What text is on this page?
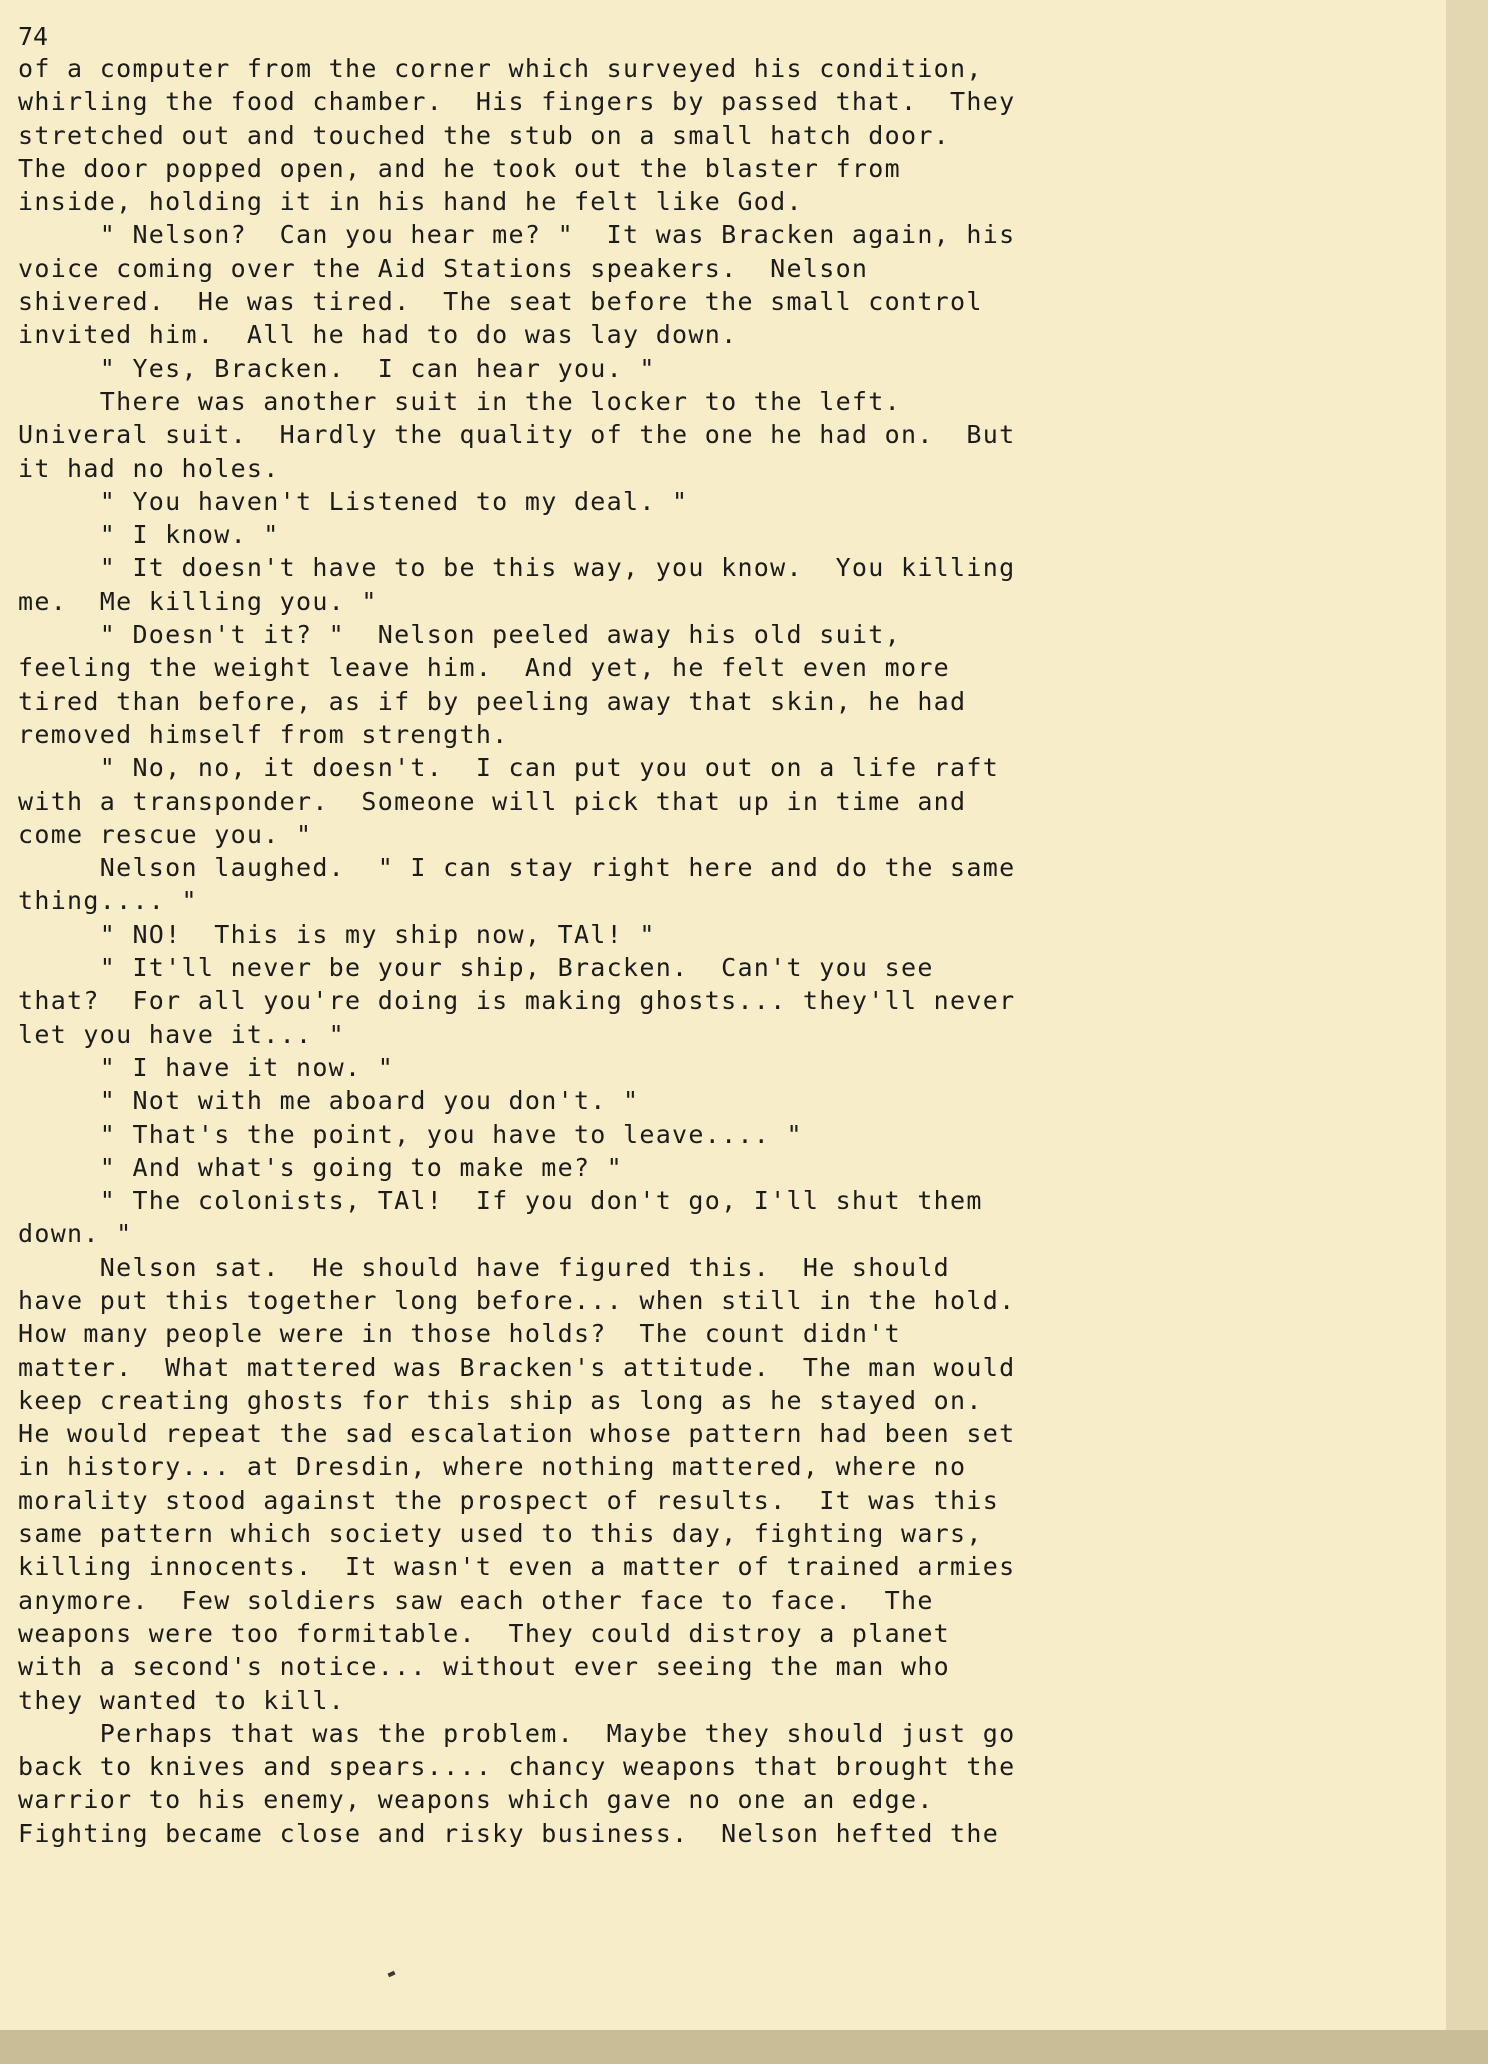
74

of a computer from the corner which surveyed his condition,

whirling the food chamber.  His fingers by passed that.  They

stretched out and touched the stub on a small hatch door.

The door popped open, and he took out the blaster from

inside, holding it in his hand he felt like God.

" Nelson?  Can you hear me? "  It was Bracken again, his

voice coming over the Aid Stations speakers.  Nelson

shivered.  He was tired.  The seat before the small control

invited him.  All he had to do was lay down.

" Yes, Bracken.  I can hear you. "

There was another suit in the locker to the left.

Univeral suit.  Hardly the quality of the one he had on.  But

it had no holes.

" You haven't Listened to my deal. "

" I know. "

" It doesn't have to be this way, you know.  You killing

me.  Me killing you. "

" Doesn't it? "  Nelson peeled away his old suit,

feeling the weight leave him.  And yet, he felt even more

tired than before, as if by peeling away that skin, he had

removed himself from strength.

" No, no, it doesn't.  I can put you out on a life raft

with a transponder.  Someone will pick that up in time and

come rescue you. "

Nelson laughed.  " I can stay right here and do the same

thing.... "

" NO!  This is my ship now, TAl! "

" It'll never be your ship, Bracken.  Can't you see

that?  For all you're doing is making ghosts... they'll never

let you have it... "

" I have it now. "

" Not with me aboard you don't. "

" That's the point, you have to leave.... "

" And what's going to make me? "

" The colonists, TAl!  If you don't go, I'll shut them

down. "

Nelson sat.  He should have figured this.  He should

have put this together long before... when still in the hold.

How many people were in those holds?  The count didn't

matter.  What mattered was Bracken's attitude.  The man would

keep creating ghosts for this ship as long as he stayed on.

He would repeat the sad escalation whose pattern had been set

in history... at Dresdin, where nothing mattered, where no

morality stood against the prospect of results.  It was this

same pattern which society used to this day, fighting wars,

killing innocents.  It wasn't even a matter of trained armies

anymore.  Few soldiers saw each other face to face.  The

weapons were too formitable.  They could distroy a planet

with a second's notice... without ever seeing the man who

they wanted to kill.

Perhaps that was the problem.  Maybe they should just go

back to knives and spears.... chancy weapons that brought the

warrior to his enemy, weapons which gave no one an edge.

Fighting became close and risky business.  Nelson hefted the
